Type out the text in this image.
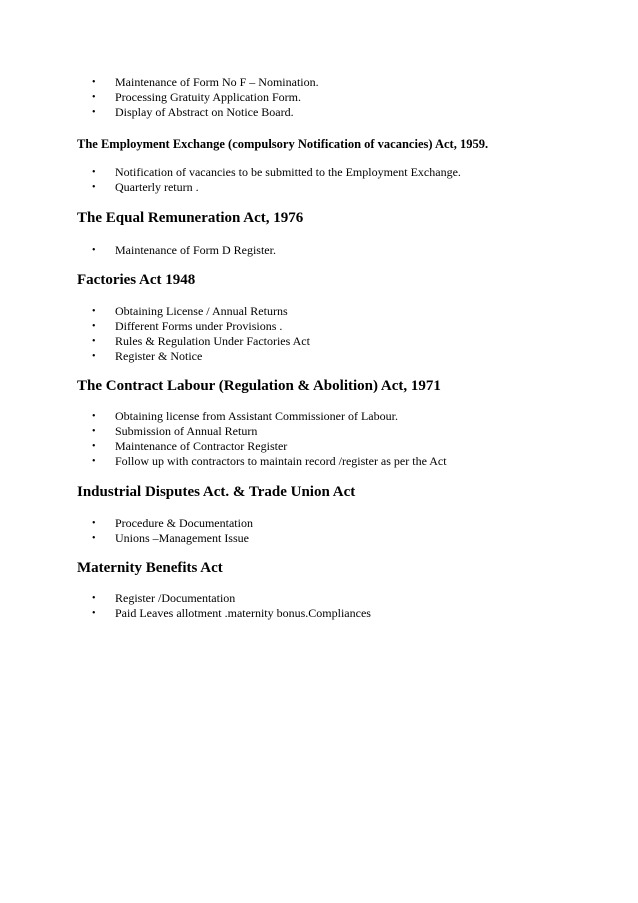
• Maintenance of Form No F – Nomination.
• Processing Gratuity Application Form.
• Display of Abstract on Notice Board.
The Employment Exchange (compulsory Notification of vacancies) Act, 1959.
• Notification of vacancies to be submitted to the Employment Exchange.
• Quarterly return .
The Equal Remuneration Act, 1976
• Maintenance of Form D Register.
Factories Act 1948
• Obtaining License / Annual Returns
• Different Forms under Provisions .
• Rules & Regulation Under Factories Act
• Register & Notice
The Contract Labour (Regulation & Abolition) Act, 1971
• Obtaining license from Assistant Commissioner of Labour.
• Submission of Annual Return
• Maintenance of Contractor Register
• Follow up with contractors to maintain record /register as per the Act
Industrial Disputes Act. & Trade Union Act
• Procedure & Documentation
• Unions –Management Issue
Maternity Benefits Act
• Register /Documentation
• Paid Leaves allotment .maternity bonus.Compliances
